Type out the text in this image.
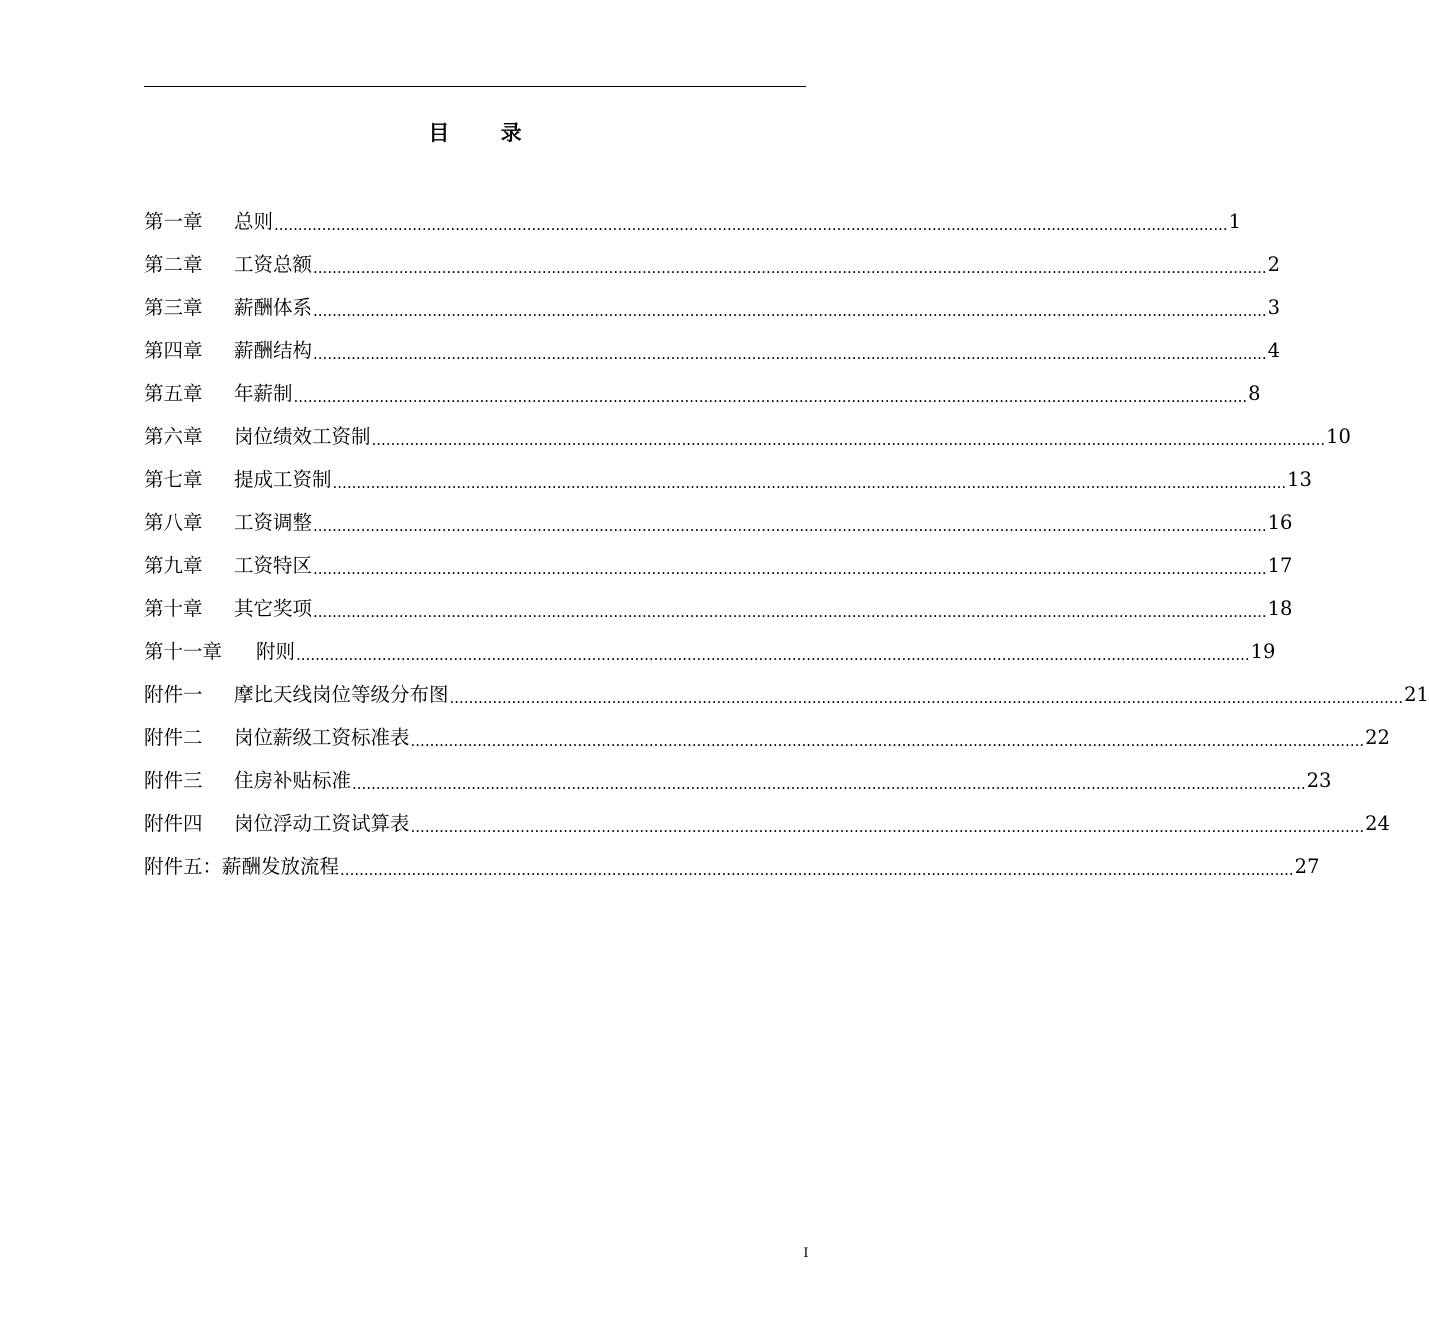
目 录
第一章	总则 ........................................................................................................................................................................................................ 1
第二章	工资总额 ........................................................................................................................................................................................................ 2
第三章	薪酬体系 ........................................................................................................................................................................................................ 3
第四章	薪酬结构 ........................................................................................................................................................................................................ 4
第五章	年薪制 ........................................................................................................................................................................................................ 8
第六章	岗位绩效工资制 ........................................................................................................................................................................................................ 10
第七章	提成工资制 ........................................................................................................................................................................................................ 13
第八章	工资调整 ........................................................................................................................................................................................................ 16
第九章	工资特区 ........................................................................................................................................................................................................ 17
第十章	其它奖项 ........................................................................................................................................................................................................ 18
第十一章	附则 ........................................................................................................................................................................................................ 19
附件一	摩比天线岗位等级分布图 ........................................................................................................................................................................................................ 21
附件二	岗位薪级工资标准表 ........................................................................................................................................................................................................ 22
附件三	住房补贴标准 ........................................................................................................................................................................................................ 23
附件四	岗位浮动工资试算表 ........................................................................................................................................................................................................ 24
附件五： 薪酬发放流程 ........................................................................................................................................................................................................ 27
I
